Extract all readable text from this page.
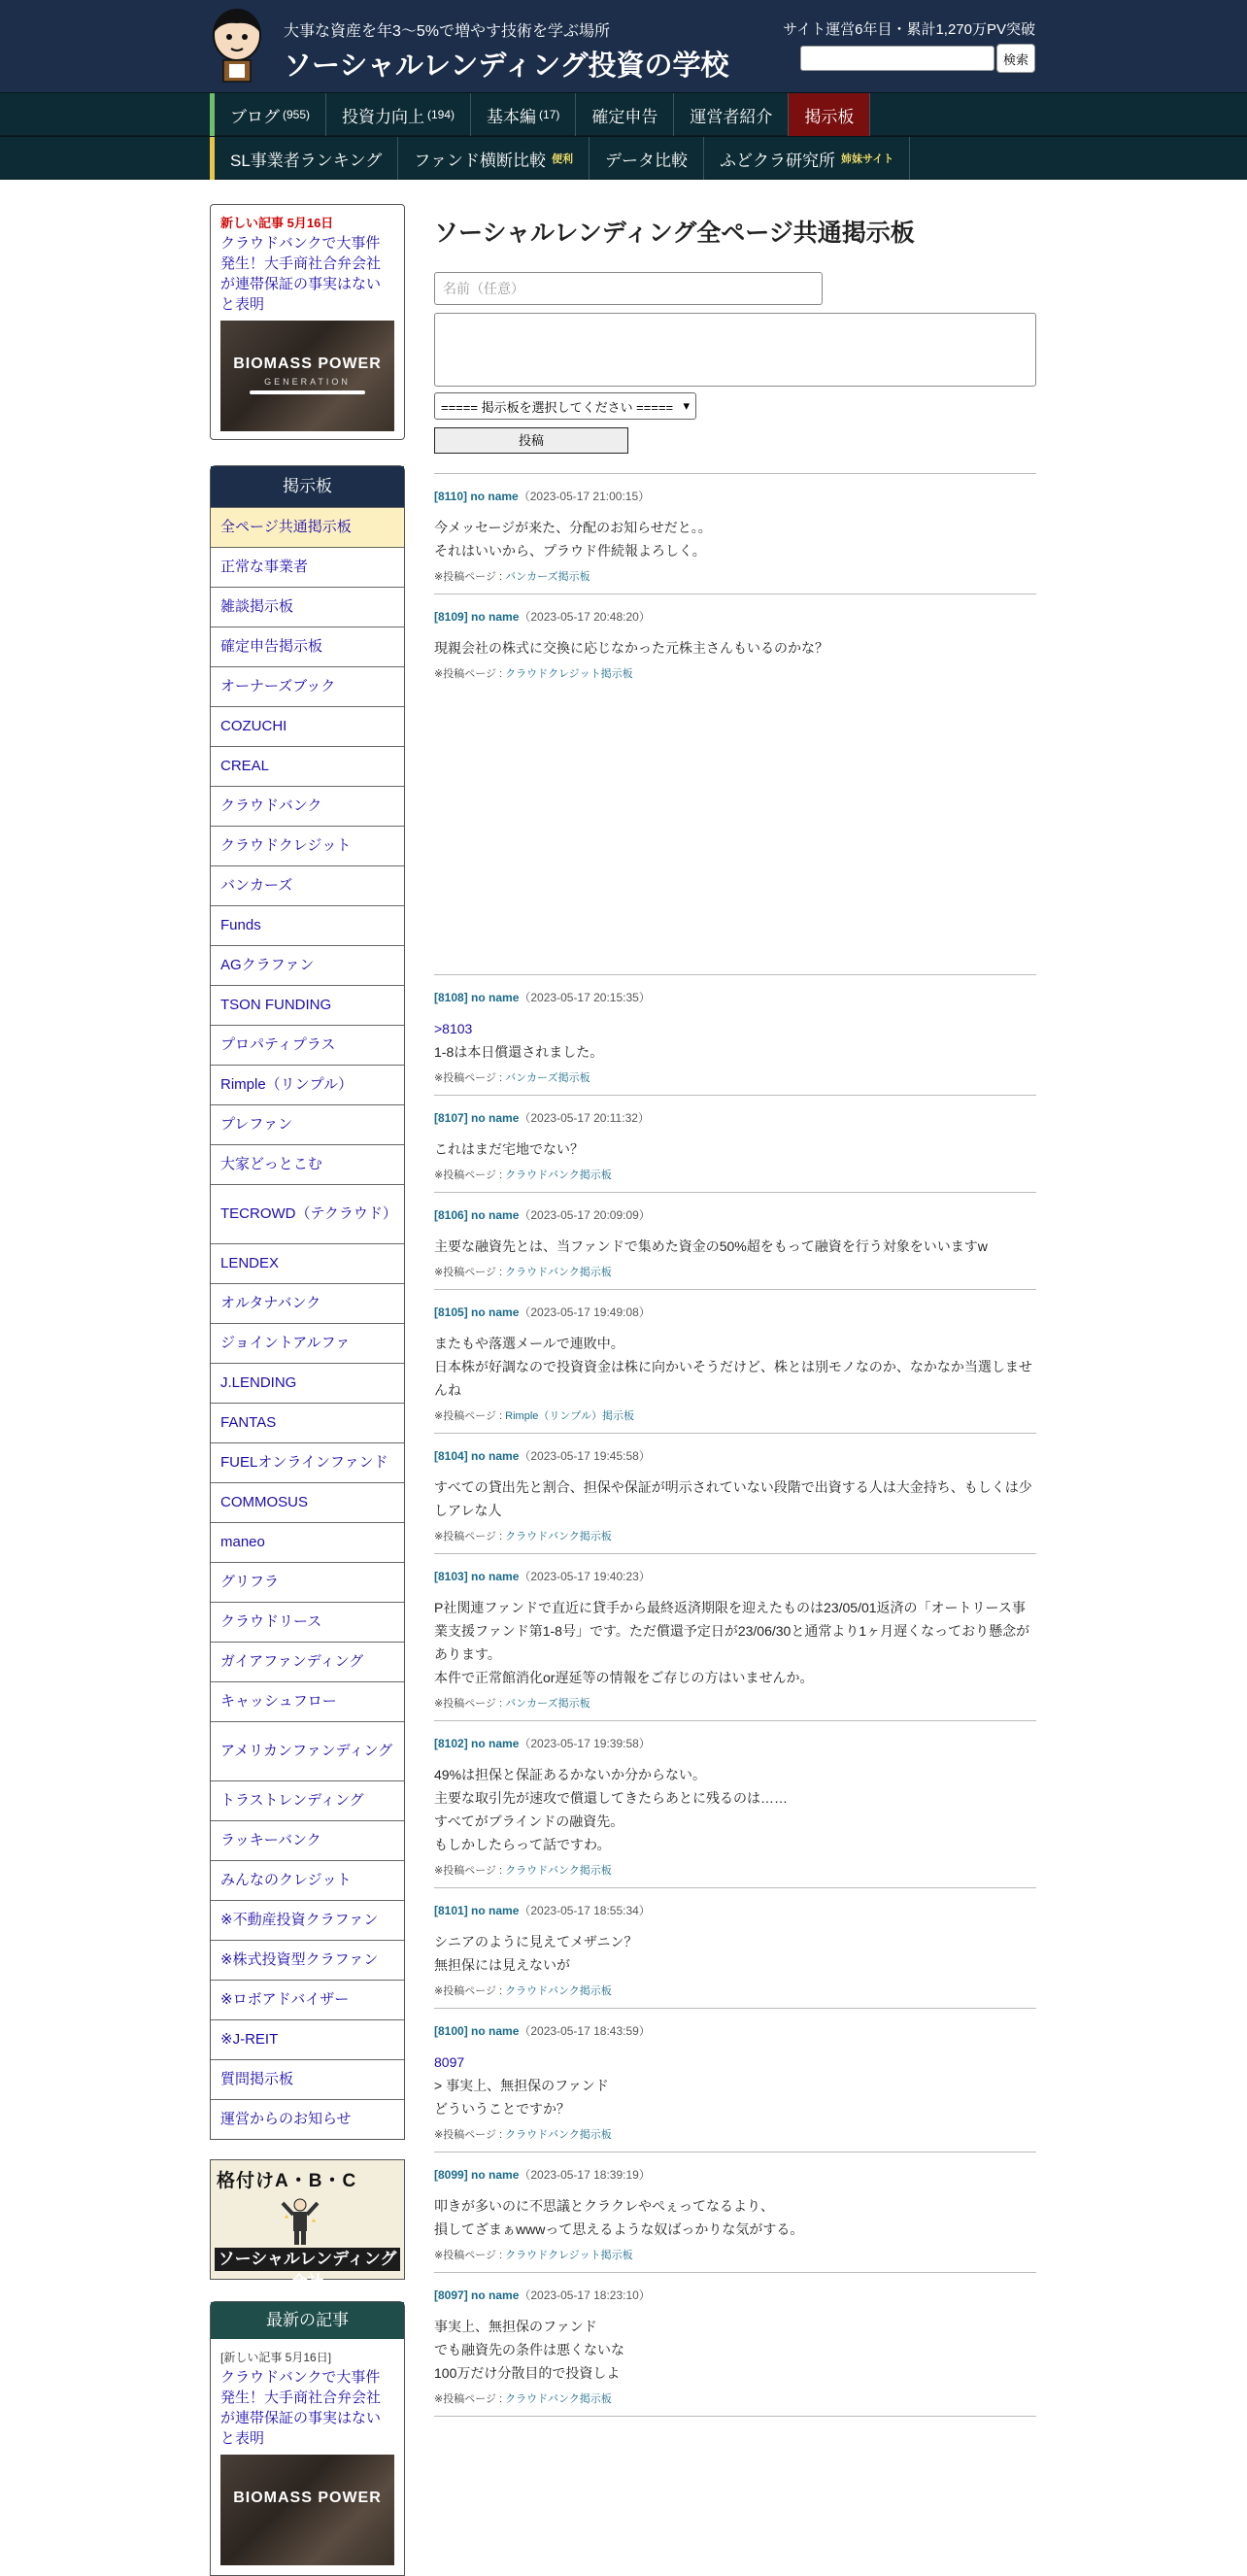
大事な資産を年3～5%で増やす技術を学ぶ場所
ソーシャルレンディング投資の学校
サイト運営6年目・累計1,270万PV突破
検索
ブログ (955) 投資力向上 (194) 基本編 (17) 確定申告 運営者紹介 掲示板
SL事業者ランキング ファンド横断比較 便利 データ比較 ふどクラ研究所 姉妹サイト
新しい記事 5月16日
クラウドバンクで大事件発生！大手商社合弁会社が連帯保証の事実はないと表明
BIOMASS POWER
GENERATION
掲示板
全ページ共通掲示板
正常な事業者
雑談掲示板
確定申告掲示板
オーナーズブック
COZUCHI
CREAL
クラウドバンク
クラウドクレジット
バンカーズ
Funds
AGクラファン
TSON FUNDING
プロパティプラス
Rimple（リンプル）
プレファン
大家どっとこむ
TECROWD（テクラウド）
LENDEX
オルタナバンク
ジョイントアルファ
J.LENDING
FANTAS
FUELオンラインファンド
COMMOSUS
maneo
グリフラ
クラウドリース
ガイアファンディング
キャッシュフロー
アメリカンファンディング
トラストレンディング
ラッキーバンク
みんなのクレジット
※不動産投資クラファン
※株式投資型クラファン
※ロボアドバイザー
※J-REIT
質問掲示板
運営からのお知らせ
格付けA・B・C
ソーシャルレンディング会社
最新の記事
[新しい記事 5月16日]
クラウドバンクで大事件発生！大手商社合弁会社が連帯保証の事実はないと表明
BIOMASS POWER
ソーシャルレンディング全ページ共通掲示板
名前（任意）
===== 掲示板を選択してください ===== ▾
投稿
[8110] no name（2023-05-17 21:00:15）
今メッセージが来た、分配のお知らせだと。。
それはいいから、プラウド件続報よろしく。
※投稿ページ : バンカーズ掲示板
[8109] no name（2023-05-17 20:48:20）
現親会社の株式に交換に応じなかった元株主さんもいるのかな？
※投稿ページ : クラウドクレジット掲示板
[8108] no name（2023-05-17 20:15:35）
>8103
1-8は本日償還されました。
※投稿ページ : バンカーズ掲示板
[8107] no name（2023-05-17 20:11:32）
これはまだ宅地でない？
※投稿ページ : クラウドバンク掲示板
[8106] no name（2023-05-17 20:09:09）
主要な融資先とは、当ファンドで集めた資金の50%超をもって融資を行う対象をいいますw
※投稿ページ : クラウドバンク掲示板
[8105] no name（2023-05-17 19:49:08）
またもや落選メールで連敗中。
日本株が好調なので投資資金は株に向かいそうだけど、株とは別モノなのか、なかなか当選しませんね
※投稿ページ : Rimple（リンプル）掲示板
[8104] no name（2023-05-17 19:45:58）
すべての貸出先と割合、担保や保証が明示されていない段階で出資する人は大金持ち、もしくは少しアレな人
※投稿ページ : クラウドバンク掲示板
[8103] no name（2023-05-17 19:40:23）
P社関連ファンドで直近に貸手から最終返済期限を迎えたものは23/05/01返済の「オートリース事業支援ファンド第1-8号」です。ただ償還予定日が23/06/30と通常より1ヶ月遅くなっており懸念があります。
本件で正常館消化or遅延等の情報をご存じの方はいませんか。
※投稿ページ : バンカーズ掲示板
[8102] no name（2023-05-17 19:39:58）
49%は担保と保証あるかないか分からない。
主要な取引先が速攻で償還してきたらあとに残るのは……
すべてがブラインドの融資先。
もしかしたらって話ですわ。
※投稿ページ : クラウドバンク掲示板
[8101] no name（2023-05-17 18:55:34）
シニアのように見えてメザニン？
無担保には見えないが
※投稿ページ : クラウドバンク掲示板
[8100] no name（2023-05-17 18:43:59）
8097
> 事実上、無担保のファンド
どういうことですか？
※投稿ページ : クラウドバンク掲示板
[8099] no name（2023-05-17 18:39:19）
叩きが多いのに不思議とクラクレやぺぇってなるより、
損してざまぁwwwって思えるような奴ばっかりな気がする。
※投稿ページ : クラウドクレジット掲示板
[8097] no name（2023-05-17 18:23:10）
事実上、無担保のファンド
でも融資先の条件は悪くないな
100万だけ分散目的で投資しよ
※投稿ページ : クラウドバンク掲示板
